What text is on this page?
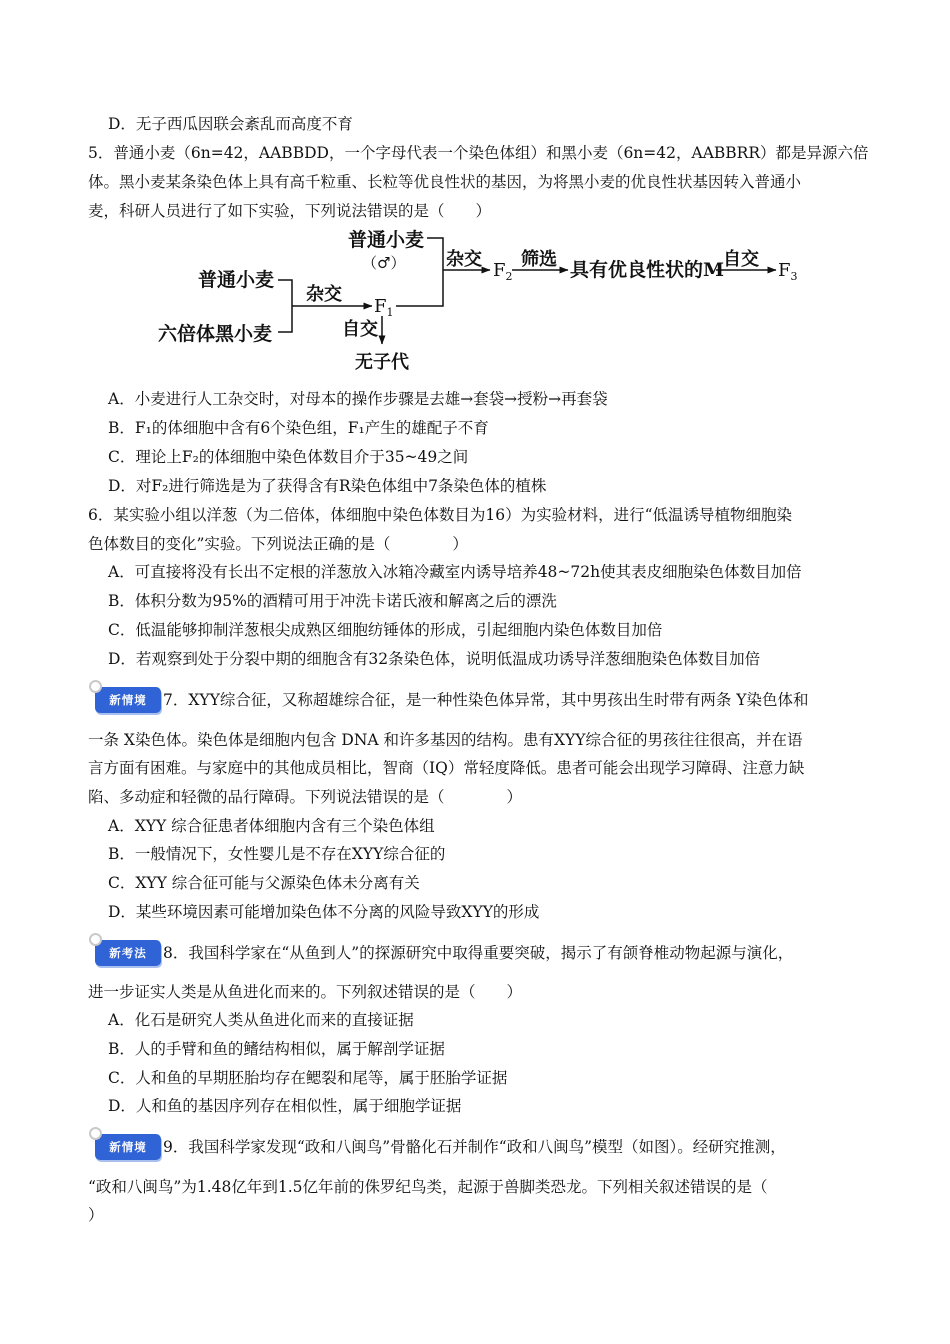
D．无子西瓜因联会紊乱而高度不育
5．普通小麦（6n=42，AABBDD，一个字母代表一个染色体组）和黑小麦（6n=42，AABBRR）都是异源六倍
体。黑小麦某条染色体上具有高千粒重、长粒等优良性状的基因，为将黑小麦的优良性状基因转入普通小
麦，科研人员进行了如下实验，下列说法错误的是（　　）
普通小麦
六倍体黑小麦
杂交
$F_1$
自交
无子代
普通小麦
（♂） 杂交
$F_2$
筛选 具有优良性状的M
自交
$F_3$
A．小麦进行人工杂交时，对母本的操作步骤是去雄→套袋→授粉→再套袋
B．F₁的体细胞中含有6个染色组，F₁产生的雄配子不育
C．理论上F₂的体细胞中染色体数目介于35~49之间
D．对F₂进行筛选是为了获得含有R染色体组中7条染色体的植株
6．某实验小组以洋葱（为二倍体，体细胞中染色体数目为16）为实验材料，进行“低温诱导植物细胞染
色体数目的变化”实验。下列说法正确的是（　　　　）
A．可直接将没有长出不定根的洋葱放入冰箱冷藏室内诱导培养48~72h使其表皮细胞染色体数目加倍
B．体积分数为95%的酒精可用于冲洗卡诺氏液和解离之后的漂洗
C．低温能够抑制洋葱根尖成熟区细胞纺锤体的形成，引起细胞内染色体数目加倍
D．若观察到处于分裂中期的细胞含有32条染色体，说明低温成功诱导洋葱细胞染色体数目加倍
新情境 7．XYY综合征，又称超雄综合征，是一种性染色体异常，其中男孩出生时带有两条 Y染色体和
一条 X染色体。染色体是细胞内包含 DNA 和许多基因的结构。患有XYY综合征的男孩往往很高，并在语
言方面有困难。与家庭中的其他成员相比，智商（IQ）常轻度降低。患者可能会出现学习障碍、注意力缺
陷、多动症和轻微的品行障碍。下列说法错误的是（　　　　）
A．XYY 综合征患者体细胞内含有三个染色体组
B．一般情况下，女性婴儿是不存在XYY综合征的
C．XYY 综合征可能与父源染色体未分离有关
D．某些环境因素可能增加染色体不分离的风险导致XYY的形成
新考法 8．我国科学家在“从鱼到人”的探源研究中取得重要突破，揭示了有颌脊椎动物起源与演化，
进一步证实人类是从鱼进化而来的。下列叙述错误的是（　　）
A．化石是研究人类从鱼进化而来的直接证据
B．人的手臂和鱼的鳍结构相似，属于解剖学证据
C．人和鱼的早期胚胎均存在鳃裂和尾等，属于胚胎学证据
D．人和鱼的基因序列存在相似性，属于细胞学证据
新情境 9．我国科学家发现“政和八闽鸟”骨骼化石并制作“政和八闽鸟”模型（如图）。经研究推测，
“政和八闽鸟”为1.48亿年到1.5亿年前的侏罗纪鸟类，起源于兽脚类恐龙。下列相关叙述错误的是（
）
